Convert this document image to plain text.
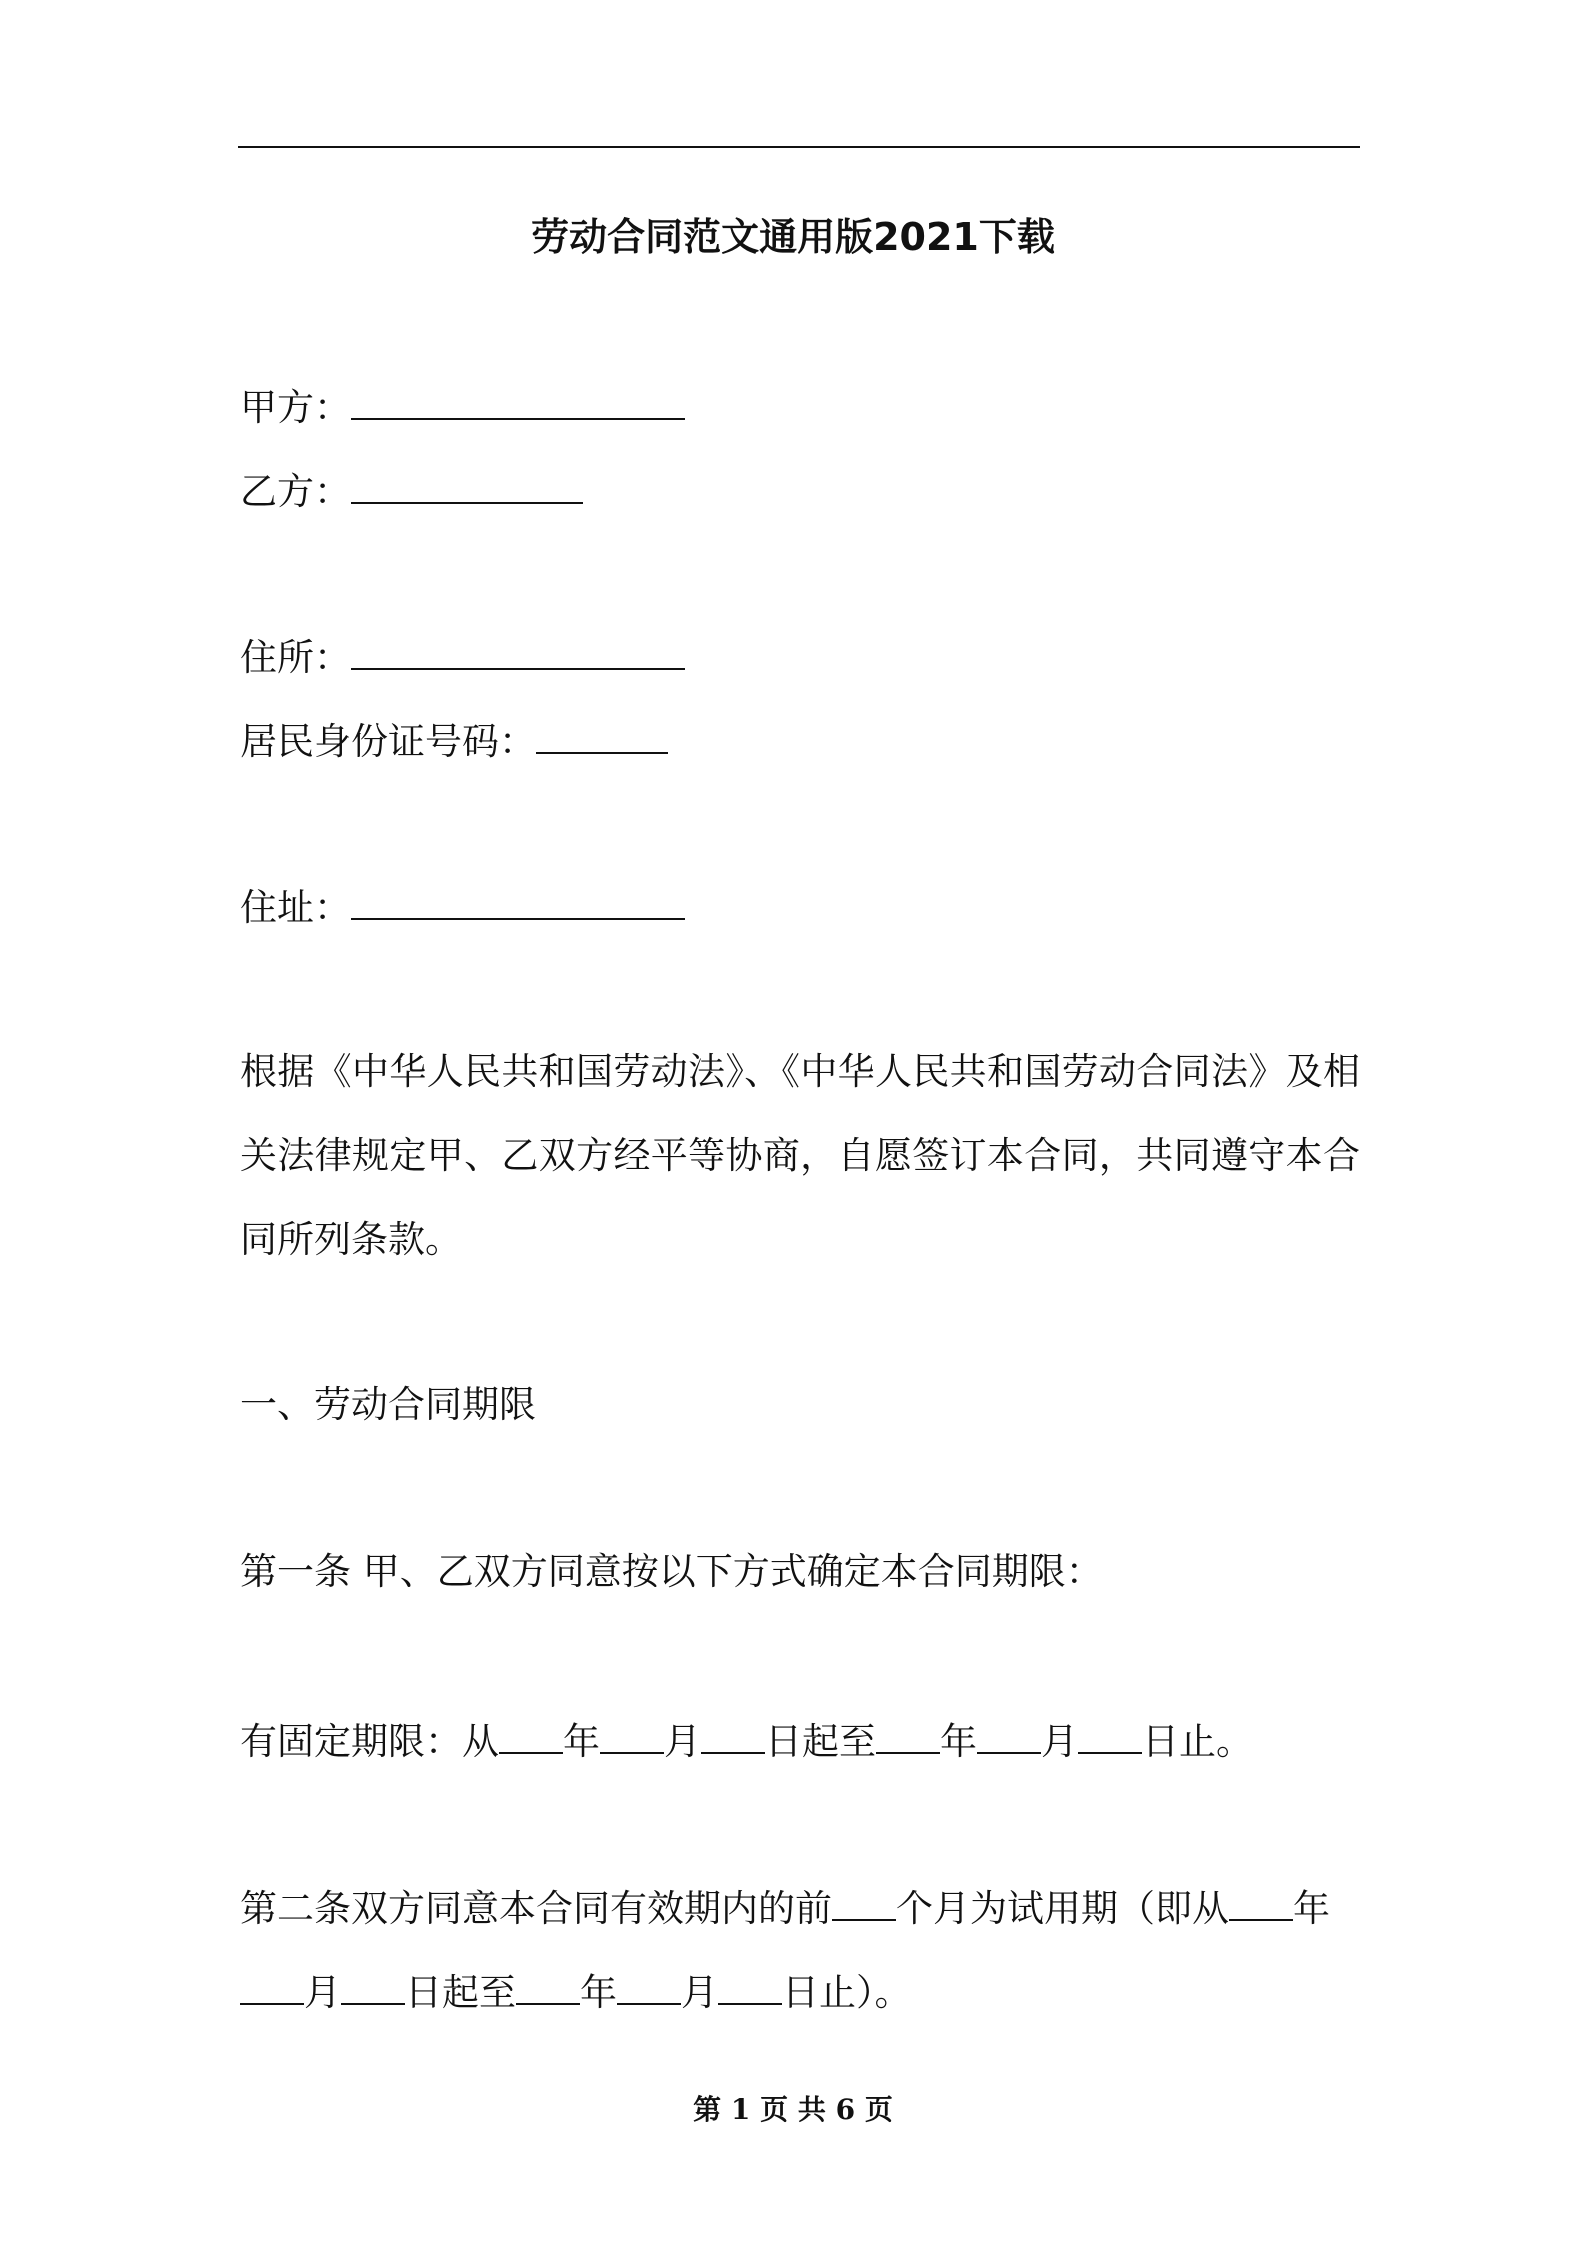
劳动合同范文通用版2021下载
甲方：
乙方：
住所：
居民身份证号码：
住址：
根据《中华人民共和国劳动法》、《中华人民共和国劳动合同法》及相关法律规定甲、乙双方经平等协商，自愿签订本合同，共同遵守本合同所列条款。
一、劳动合同期限
第一条 甲、乙双方同意按以下方式确定本合同期限：
有固定期限：从 年 月 日起至 年 月 日止。
第二条双方同意本合同有效期内的前 个月为试用期（即从 年
月 日起至 年 月 日止）。
第 1 页 共 6 页
